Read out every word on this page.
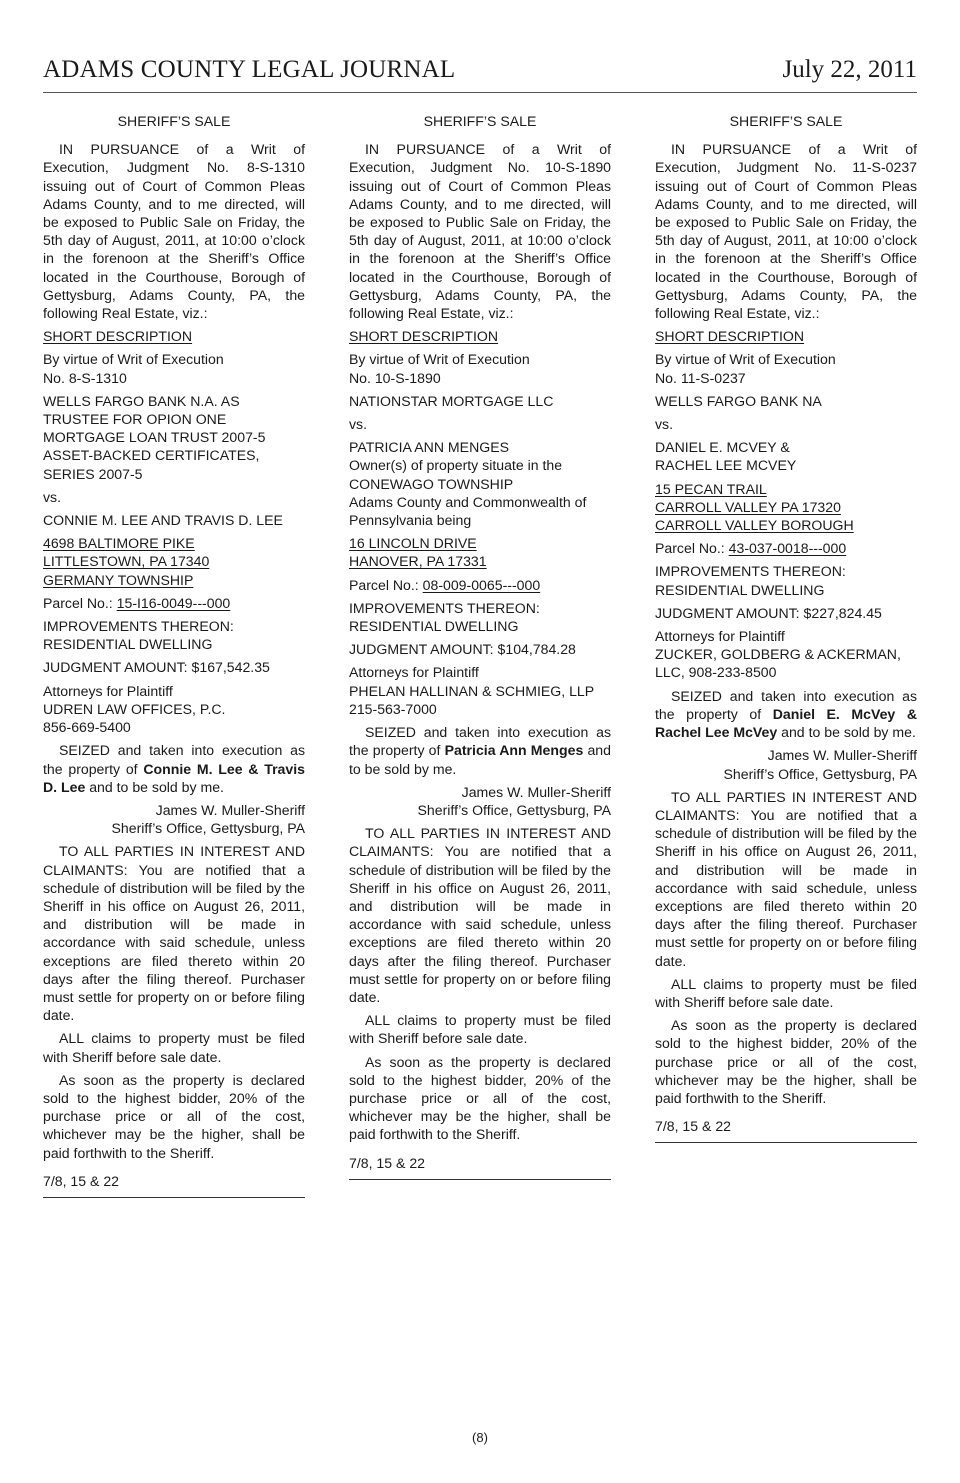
ADAMS COUNTY LEGAL JOURNAL	July 22, 2011

SHERIFF’S SALE

IN PURSUANCE of a Writ of Execution, Judgment No. 8-S-1310 issuing out of Court of Common Pleas Adams County, and to me directed, will be exposed to Public Sale on Friday, the 5th day of August, 2011, at 10:00 o’clock in the forenoon at the Sheriff’s Office located in the Courthouse, Borough of Gettysburg, Adams County, PA, the following Real Estate, viz.:

SHORT DESCRIPTION

By virtue of Writ of Execution
No. 8-S-1310

WELLS FARGO BANK N.A. AS
TRUSTEE FOR OPION ONE
MORTGAGE LOAN TRUST 2007-5
ASSET-BACKED CERTIFICATES,
SERIES 2007-5

vs.

CONNIE M. LEE AND TRAVIS D. LEE

4698 BALTIMORE PIKE
LITTLESTOWN, PA 17340
GERMANY TOWNSHIP

Parcel No.: 15-I16-0049---000

IMPROVEMENTS THEREON:
RESIDENTIAL DWELLING

JUDGMENT AMOUNT: $167,542.35

Attorneys for Plaintiff
UDREN LAW OFFICES, P.C.
856-669-5400

SEIZED and taken into execution as the property of Connie M. Lee & Travis D. Lee and to be sold by me.

James W. Muller-Sheriff

Sheriff’s Office, Gettysburg, PA

TO ALL PARTIES IN INTEREST AND CLAIMANTS: You are notified that a schedule of distribution will be filed by the Sheriff in his office on August 26, 2011, and distribution will be made in accordance with said schedule, unless exceptions are filed thereto within 20 days after the filing thereof. Purchaser must settle for property on or before filing date.

ALL claims to property must be filed with Sheriff before sale date.

As soon as the property is declared sold to the highest bidder, 20% of the purchase price or all of the cost, whichever may be the higher, shall be paid forthwith to the Sheriff.

7/8, 15 & 22

SHERIFF’S SALE

IN PURSUANCE of a Writ of Execution, Judgment No. 10-S-1890 issuing out of Court of Common Pleas Adams County, and to me directed, will be exposed to Public Sale on Friday, the 5th day of August, 2011, at 10:00 o’clock in the forenoon at the Sheriff’s Office located in the Courthouse, Borough of Gettysburg, Adams County, PA, the following Real Estate, viz.:

SHORT DESCRIPTION

By virtue of Writ of Execution
No. 10-S-1890

NATIONSTAR MORTGAGE LLC

vs.

PATRICIA ANN MENGES
Owner(s) of property situate in the
CONEWAGO TOWNSHIP
Adams County and Commonwealth of
Pennsylvania being

16 LINCOLN DRIVE
HANOVER, PA 17331

Parcel No.: 08-009-0065---000

IMPROVEMENTS THEREON:
RESIDENTIAL DWELLING

JUDGMENT AMOUNT: $104,784.28

Attorneys for Plaintiff
PHELAN HALLINAN & SCHMIEG, LLP
215-563-7000

SEIZED and taken into execution as the property of Patricia Ann Menges and to be sold by me.

James W. Muller-Sheriff

Sheriff’s Office, Gettysburg, PA

TO ALL PARTIES IN INTEREST AND CLAIMANTS: You are notified that a schedule of distribution will be filed by the Sheriff in his office on August 26, 2011, and distribution will be made in accordance with said schedule, unless exceptions are filed thereto within 20 days after the filing thereof. Purchaser must settle for property on or before filing date.

ALL claims to property must be filed with Sheriff before sale date.

As soon as the property is declared sold to the highest bidder, 20% of the purchase price or all of the cost, whichever may be the higher, shall be paid forthwith to the Sheriff.

7/8, 15 & 22

SHERIFF’S SALE

IN PURSUANCE of a Writ of Execution, Judgment No. 11-S-0237 issuing out of Court of Common Pleas Adams County, and to me directed, will be exposed to Public Sale on Friday, the 5th day of August, 2011, at 10:00 o’clock in the forenoon at the Sheriff’s Office located in the Courthouse, Borough of Gettysburg, Adams County, PA, the following Real Estate, viz.:

SHORT DESCRIPTION

By virtue of Writ of Execution
No. 11-S-0237

WELLS FARGO BANK NA

vs.

DANIEL E. MCVEY &
RACHEL LEE MCVEY

15 PECAN TRAIL
CARROLL VALLEY PA 17320
CARROLL VALLEY BOROUGH

Parcel No.: 43-037-0018---000

IMPROVEMENTS THEREON:
RESIDENTIAL DWELLING

JUDGMENT AMOUNT: $227,824.45

Attorneys for Plaintiff
ZUCKER, GOLDBERG & ACKERMAN,
LLC, 908-233-8500

SEIZED and taken into execution as the property of Daniel E. McVey & Rachel Lee McVey and to be sold by me.

James W. Muller-Sheriff

Sheriff’s Office, Gettysburg, PA

TO ALL PARTIES IN INTEREST AND CLAIMANTS: You are notified that a schedule of distribution will be filed by the Sheriff in his office on August 26, 2011, and distribution will be made in accordance with said schedule, unless exceptions are filed thereto within 20 days after the filing thereof. Purchaser must settle for property on or before filing date.

ALL claims to property must be filed with Sheriff before sale date.

As soon as the property is declared sold to the highest bidder, 20% of the purchase price or all of the cost, whichever may be the higher, shall be paid forthwith to the Sheriff.

7/8, 15 & 22

(8)
